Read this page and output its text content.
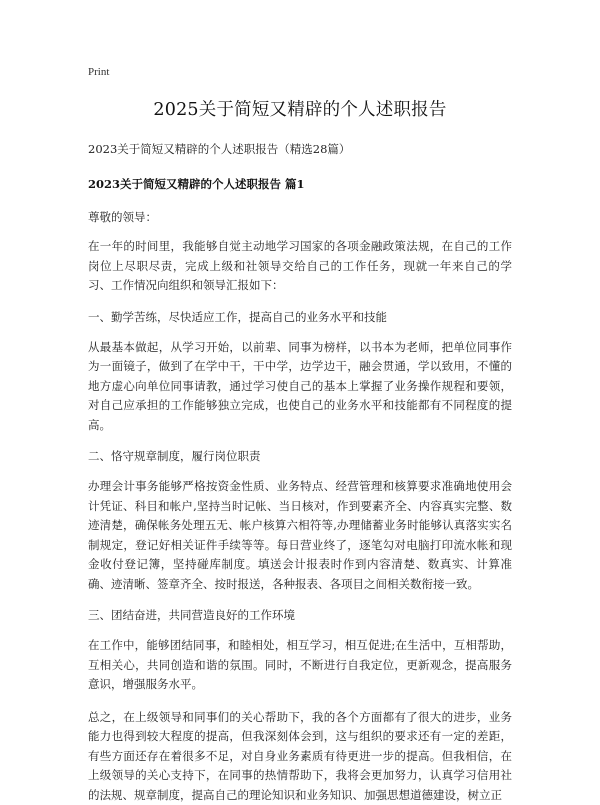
Print
2025关于简短又精辟的个人述职报告
2023关于简短又精辟的个人述职报告（精选28篇）
2023关于简短又精辟的个人述职报告 篇1
尊敬的领导：

在一年的时间里，我能够自觉主动地学习国家的各项金融政策法规，在自己的工作岗位上尽职尽责，完成上级和社领导交给自己的工作任务，现就一年来自己的学习、工作情况向组织和领导汇报如下：

一、勤学苦练，尽快适应工作，提高自己的业务水平和技能

从最基本做起，从学习开始，以前辈、同事为榜样，以书本为老师，把单位同事作为一面镜子，做到了在学中干，干中学，边学边干，融会贯通，学以致用，不懂的地方虚心向单位同事请教，通过学习使自己的基本上掌握了业务操作规程和要领，对自己应承担的工作能够独立完成，也使自己的业务水平和技能都有不同程度的提高。

二、恪守规章制度，履行岗位职责

办理会计事务能够严格按资金性质、业务特点、经营管理和核算要求准确地使用会计凭证、科目和帐户,坚持当时记帐、当日核对，作到要素齐全、内容真实完整、数迹清楚，确保帐务处理五无、帐户核算六相符等,办理储蓄业务时能够认真落实实名制规定，登记好相关证件手续等等。每日营业终了，逐笔勾对电脑打印流水帐和现金收付登记簿，坚持碰库制度。填送会计报表时作到内容清楚、数真实、计算准确、迹清晰、签章齐全、按时报送，各种报表、各项目之间相关数衔接一致。

三、团结奋进，共同营造良好的工作环境

在工作中，能够团结同事，和睦相处，相互学习，相互促进;在生活中，互相帮助，互相关心，共同创造和谐的氛围。同时，不断进行自我定位，更新观念，提高服务意识，增强服务水平。

总之，在上级领导和同事们的关心帮助下，我的各个方面都有了很大的进步，业务能力也得到较大程度的提高，但我深刻体会到，这与组织的要求还有一定的差距，有些方面还存在着很多不足，对自身业务素质有待更进一步的提高。但我相信，在上级领导的关心支持下，在同事的热情帮助下，我将会更加努力，认真学习信用社的法规、规章制度，提高自己的理论知识和业务知识、加强思想道德建设，树立正
